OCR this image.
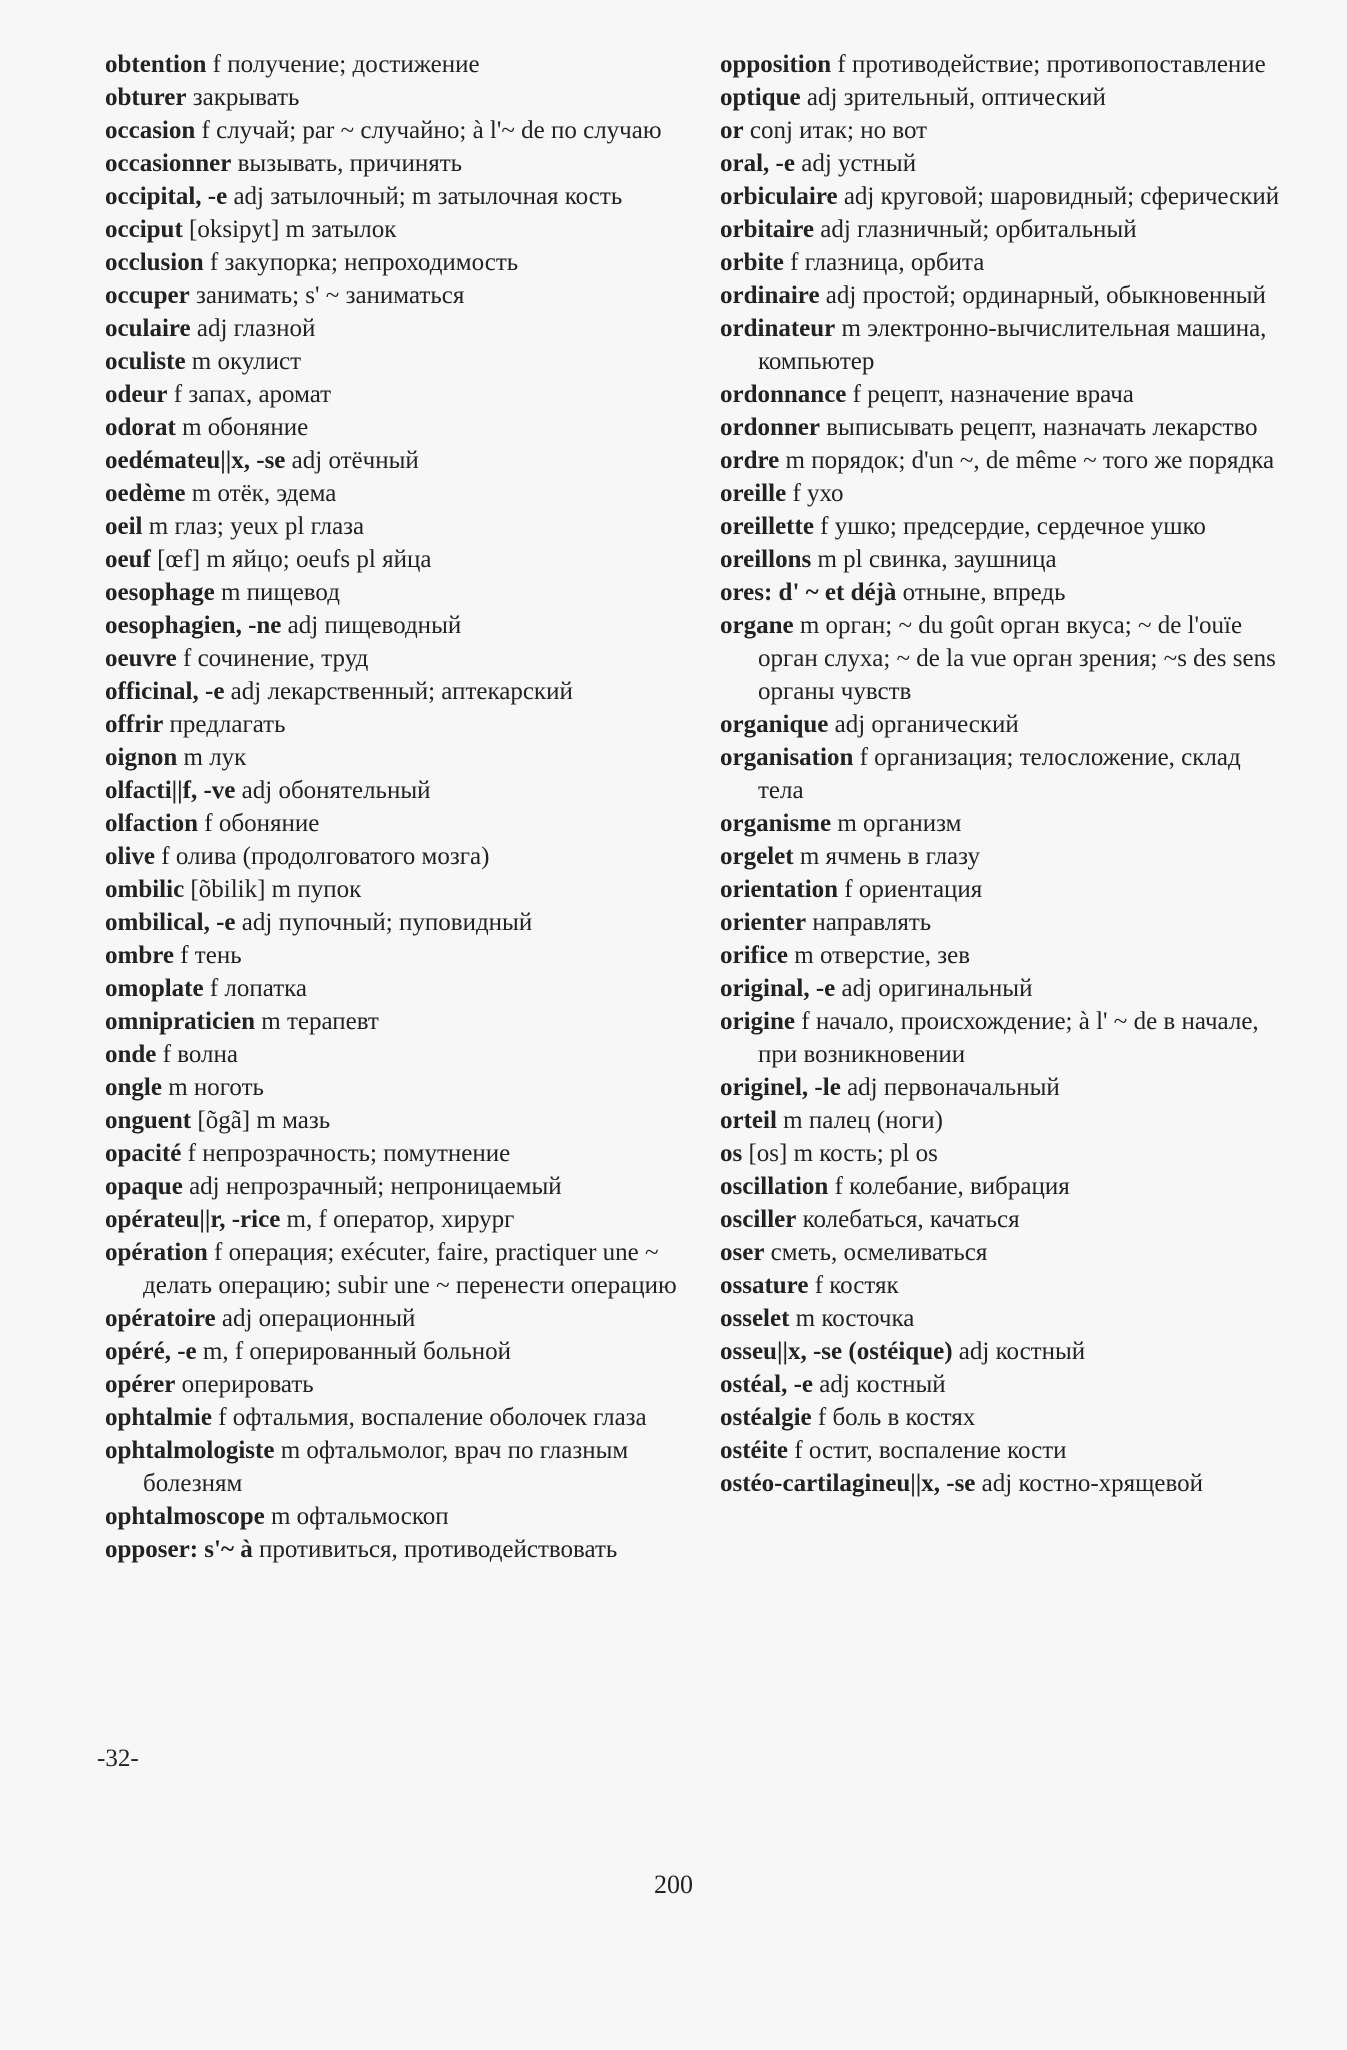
obtention f получение; достижение
obturer закрывать
occasion f случай; par ~ случайно; à l'~ de по случаю
occasionner вызывать, причинять
occipital, -e adj затылочный; m затылочная кость
occiput [oksipyt] m затылок
occlusion f закупорка; непроходимость
occuper занимать; s' ~ заниматься
oculaire adj глазной
oculiste m окулист
odeur f запах, аромат
odorat m обоняние
oedémateu||x, -se adj отёчный
oedème m отёк, эдема
oeil m глаз; yeux pl глаза
oeuf [œf] m яйцо; oeufs pl яйца
oesophage m пищевод
oesophagien, -ne adj пищеводный
oeuvre f сочинение, труд
officinal, -e adj лекарственный; аптекарский
offrir предлагать
oignon m лук
olfacti||f, -ve adj обонятельный
olfaction f обоняние
olive f олива (продолговатого мозга)
ombilic [õbilik] m пупок
ombilical, -e adj пупочный; пуповидный
ombre f тень
omoplate f лопатка
omnipraticien m терапевт
onde f волна
ongle m ноготь
onguent [õgã] m мазь
opacité f непрозрачность; помутнение
opaque adj непрозрачный; непроницаемый
opérateu||r, -rice m, f оператор, хирург
opération f операция; exécuter, faire, practiquer une ~ делать операцию; subir une ~ перенести операцию
opératoire adj операционный
opéré, -e m, f оперированный больной
opérer оперировать
ophtalmie f офтальмия, воспаление оболочек глаза
ophtalmologiste m офтальмолог, врач по глазным болезням
ophtalmoscope m офтальмоскоп
opposer: s'~ à противиться, противодействовать
opposition f противодействие; противопоставление
optique adj зрительный, оптический
or conj итак; но вот
oral, -e adj устный
orbiculaire adj круговой; шаровидный; сферический
orbitaire adj глазничный; орбитальный
orbite f глазница, орбита
ordinaire adj простой; ординарный, обыкновенный
ordinateur m электронно-вычислительная машина, компьютер
ordonnance f рецепт, назначение врача
ordonner выписывать рецепт, назначать лекарство
ordre m порядок; d'un ~, de même ~ того же порядка
oreille f ухо
oreillette f ушко; предсердие, сердечное ушко
oreillons m pl свинка, заушница
ores: d' ~ et déjà отныне, впредь
organe m орган; ~ du goût орган вкуса; ~ de l'ouïe орган слуха; ~ de la vue орган зрения; ~s des sens органы чувств
organique adj органический
organisation f организация; телосложение, склад тела
organisme m организм
orgelet m ячмень в глазу
orientation f ориентация
orienter направлять
orifice m отверстие, зев
original, -e adj оригинальный
origine f начало, происхождение; à l' ~ de в начале, при возникновении
originel, -le adj первоначальный
orteil m палец (ноги)
os [os] m кость; pl os
oscillation f колебание, вибрация
osciller колебаться, качаться
oser сметь, осмеливаться
ossature f костяк
osselet m косточка
osseu||x, -se (ostéique) adj костный
ostéal, -e adj костный
ostéalgie f боль в костях
ostéite f остит, воспаление кости
ostéo-cartilagineu||x, -se adj костно-хрящевой
-32-
200
